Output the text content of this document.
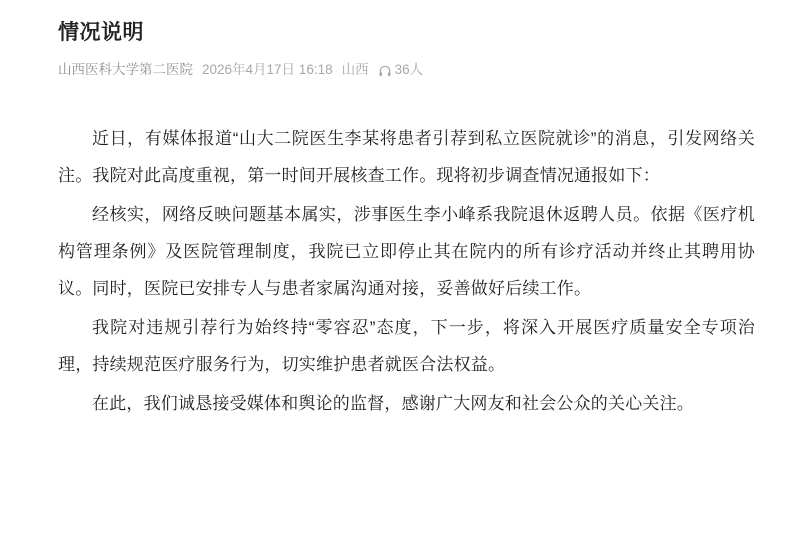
情况说明
山西医科大学第二医院 2026年4月17日 16:18 山西 36人

近日，有媒体报道“山大二院医生李某将患者引荐到私立医院就诊”的消息，引发网络关注。我院对此高度重视，第一时间开展核查工作。现将初步调查情况通报如下：

经核实，网络反映问题基本属实，涉事医生李小峰系我院退休返聘人员。依据《医疗机构管理条例》及医院管理制度，我院已立即停止其在院内的所有诊疗活动并终止其聘用协议。同时，医院已安排专人与患者家属沟通对接，妥善做好后续工作。

我院对违规引荐行为始终持“零容忍”态度，下一步，将深入开展医疗质量安全专项治理，持续规范医疗服务行为，切实维护患者就医合法权益。

在此，我们诚恳接受媒体和舆论的监督，感谢广大网友和社会公众的关心关注。
